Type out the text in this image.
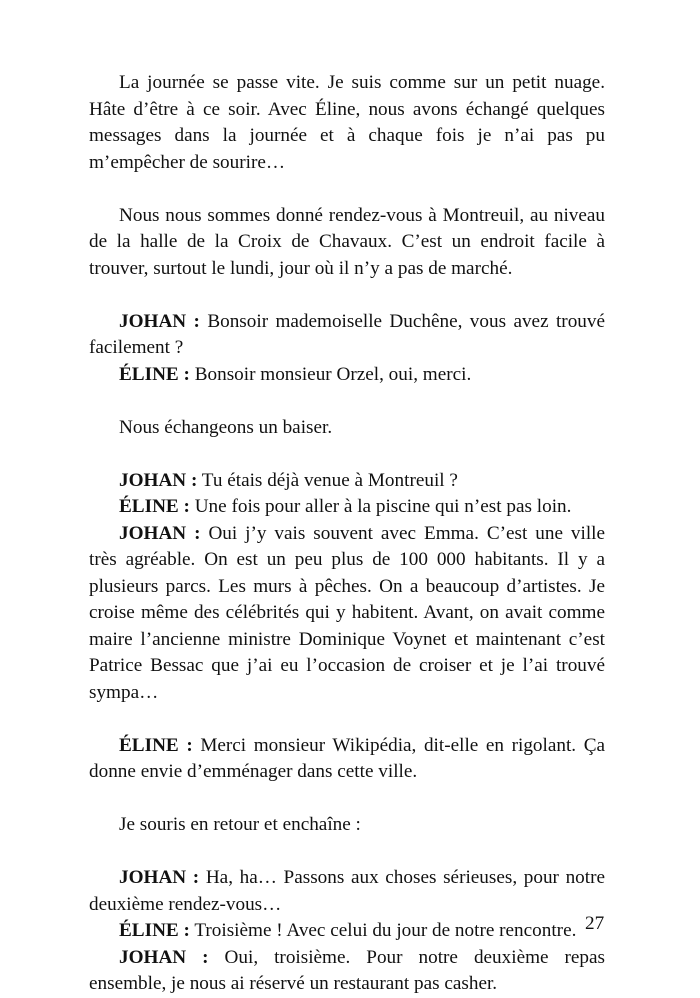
La journée se passe vite. Je suis comme sur un petit nuage. Hâte d’être à ce soir. Avec Éline, nous avons échangé quelques messages dans la journée et à chaque fois je n’ai pas pu m’empêcher de sourire…

Nous nous sommes donné rendez-vous à Montreuil, au niveau de la halle de la Croix de Chavaux. C’est un endroit facile à trouver, surtout le lundi, jour où il n’y a pas de marché.

JOHAN : Bonsoir mademoiselle Duchêne, vous avez trouvé facilement ?

ÉLINE : Bonsoir monsieur Orzel, oui, merci.

Nous échangeons un baiser.

JOHAN : Tu étais déjà venue à Montreuil ?

ÉLINE : Une fois pour aller à la piscine qui n’est pas loin.

JOHAN : Oui j’y vais souvent avec Emma. C’est une ville très agréable. On est un peu plus de 100 000 habitants. Il y a plusieurs parcs. Les murs à pêches. On a beaucoup d’artistes. Je croise même des célébrités qui y habitent. Avant, on avait comme maire l’ancienne ministre Dominique Voynet et maintenant c’est Patrice Bessac que j’ai eu l’occasion de croiser et je l’ai trouvé sympa…

ÉLINE : Merci monsieur Wikipédia, dit-elle en rigolant. Ça donne envie d’emménager dans cette ville.

Je souris en retour et enchaîne :

JOHAN : Ha, ha… Passons aux choses sérieuses, pour notre deuxième rendez-vous…

ÉLINE : Troisième ! Avec celui du jour de notre rencontre.

JOHAN : Oui, troisième. Pour notre deuxième repas ensemble, je nous ai réservé un restaurant pas casher.

27
